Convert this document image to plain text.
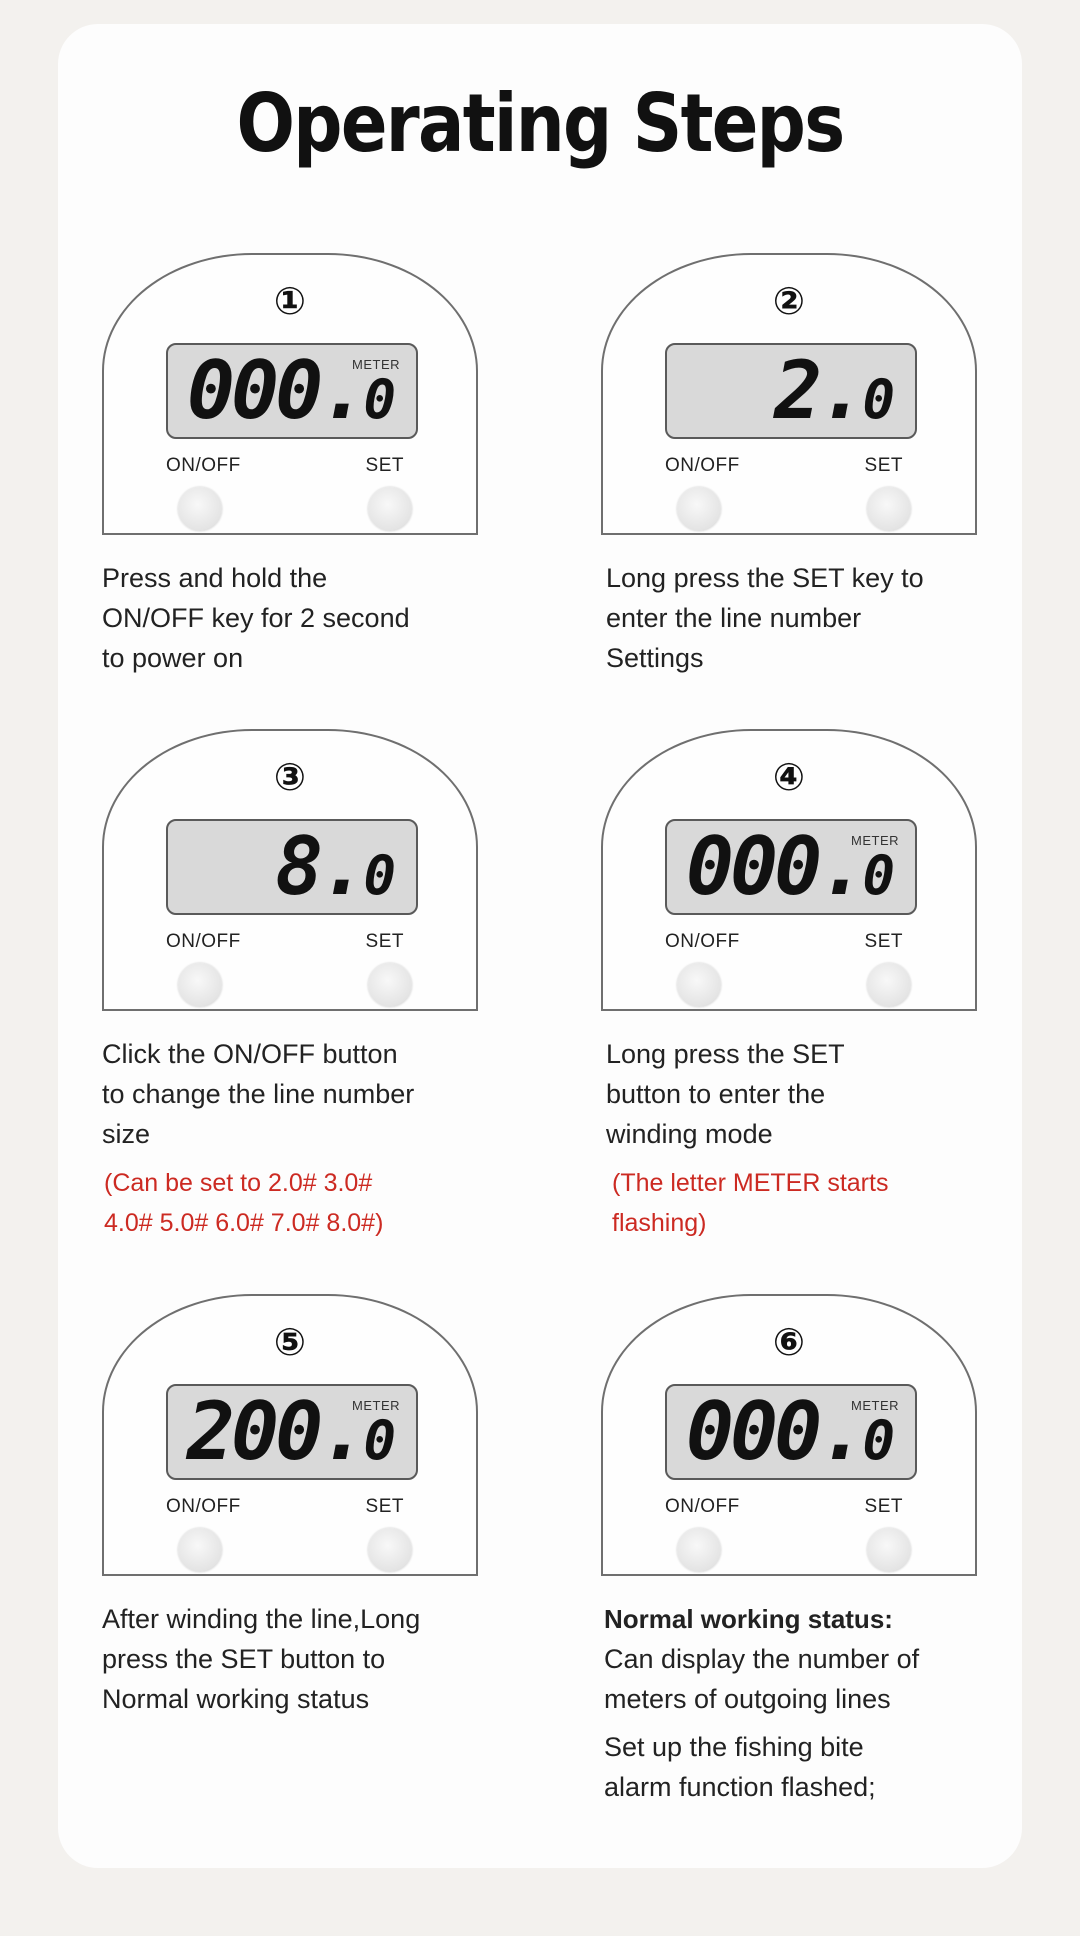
Operating Steps
①
METER
000.0
ON/OFF	SET
Press and hold the
ON/OFF key for 2 second
to power on
②
2.0
ON/OFF	SET
Long press the SET key to
enter the line number
Settings
③
8.0
ON/OFF	SET
Click the ON/OFF button
to change the line number
size
(Can be set to 2.0# 3.0#
4.0# 5.0# 6.0# 7.0# 8.0#)
④
METER
000.0
ON/OFF	SET
Long press the SET
button to enter the
winding mode
(The letter METER starts
flashing)
⑤
METER
200.0
ON/OFF	SET
After winding the line,Long
press the SET button to
Normal working status
⑥
METER
000.0
ON/OFF	SET
Normal working status:
Can display the number of
meters of outgoing lines
Set up the fishing bite
alarm function flashed;
